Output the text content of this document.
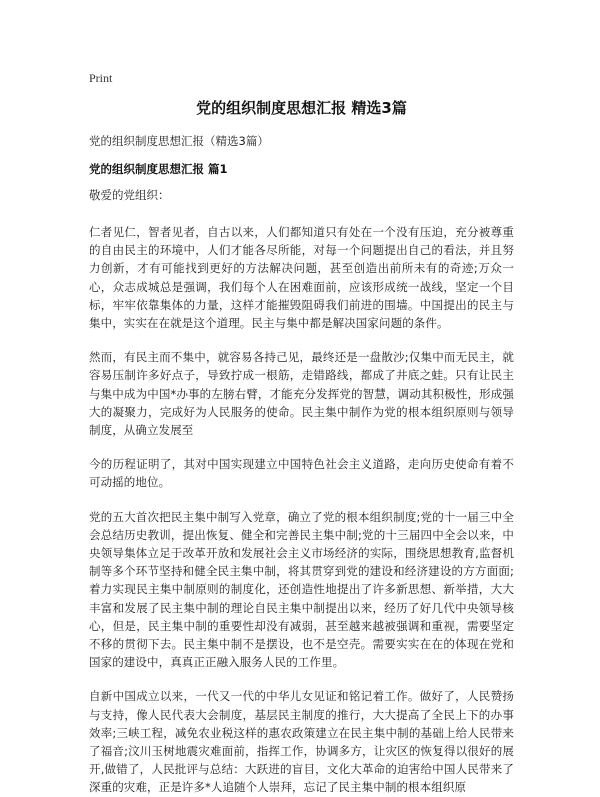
Print
党的组织制度思想汇报 精选3篇
党的组织制度思想汇报（精选3篇）
党的组织制度思想汇报 篇1
敬爱的党组织：

仁者见仁，智者见者，自古以来，人们都知道只有处在一个没有压迫，充分被尊重的自由民主的环境中，人们才能各尽所能，对每一个问题提出自己的看法，并且努力创新，才有可能找到更好的方法解决问题，甚至创造出前所未有的奇迹;万众一心，众志成城总是强调，我们每个人在困难面前，应该形成统一战线，坚定一个目标，牢牢依靠集体的力量，这样才能摧毁阻碍我们前进的围墙。中国提出的民主与集中，实实在在就是这个道理。民主与集中都是解决国家问题的条件。

然而，有民主而不集中，就容易各持己见，最终还是一盘散沙;仅集中而无民主，就容易压制许多好点子，导致拧成一根筋，走错路线，都成了井底之蛙。只有让民主与集中成为中国*办事的左膀右臂，才能充分发挥党的智慧，调动其积极性，形成强大的凝聚力，完成好为人民服务的使命。民主集中制作为党的根本组织原则与领导制度，从确立发展至

今的历程证明了，其对中国实现建立中国特色社会主义道路，走向历史使命有着不可动摇的地位。

党的五大首次把民主集中制写入党章，确立了党的根本组织制度;党的十一届三中全会总结历史教训，提出恢复、健全和完善民主集中制;党的十三届四中全会以来，中央领导集体立足于改革开放和发展社会主义市场经济的实际，围绕思想教育,监督机制等多个环节坚持和健全民主集中制，将其贯穿到党的建设和经济建设的方方面面;着力实现民主集中制原则的制度化，还创造性地提出了许多新思想、新举措，大大丰富和发展了民主集中制的理论自民主集中制提出以来，经历了好几代中央领导核心，但是，民主集中制的重要性却没有减弱，甚至越来越被强调和重视，需要坚定不移的贯彻下去。民主集中制不是摆设，也不是空壳。需要实实在在的体现在党和国家的建设中，真真正正融入服务人民的工作里。

自新中国成立以来，一代又一代的中华儿女见证和铭记着工作。做好了，人民赞扬与支持，像人民代表大会制度，基层民主制度的推行，大大提高了全民上下的办事效率;三峡工程，减免农业税这样的惠农政策建立在民主集中制的基础上给人民带来了福音;汶川玉树地震灾难面前，指挥工作，协调多方，让灾区的恢复得以很好的展开,做错了，人民批评与总结：大跃进的盲目，文化大革命的迫害给中国人民带来了深重的灾难，正是许多*人追随个人崇拜，忘记了民主集中制的根本组织原
